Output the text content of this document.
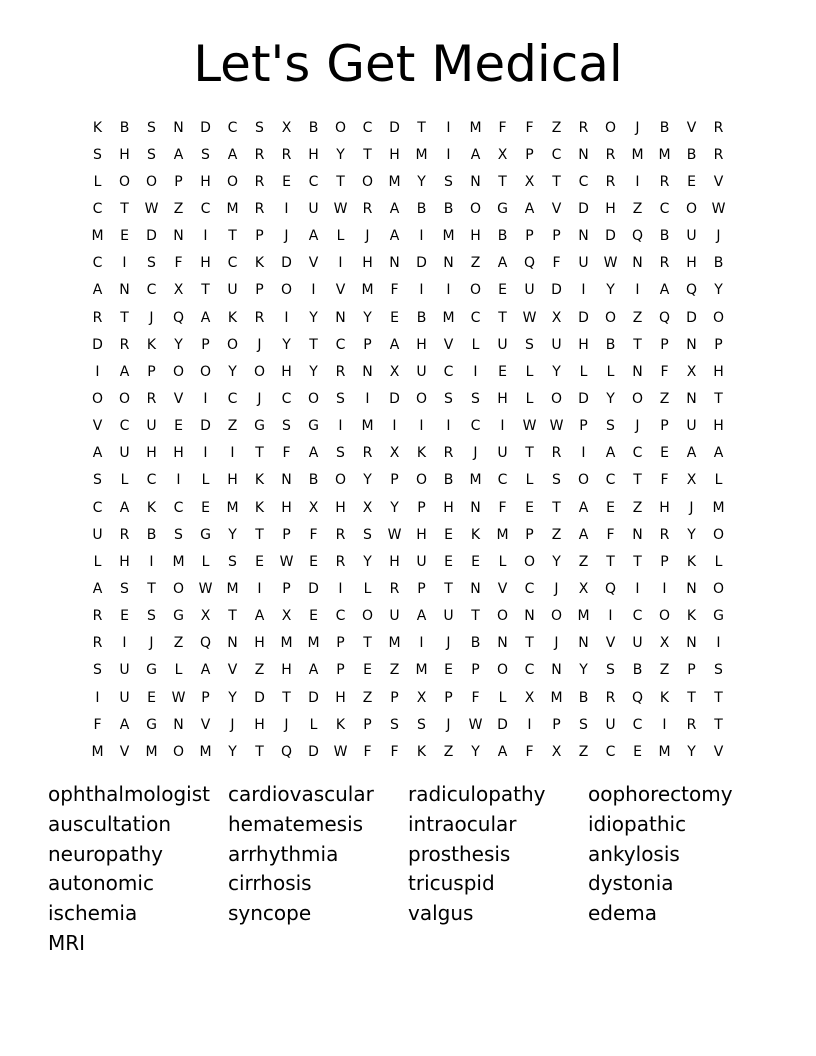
Let's Get Medical
K	B	S	N	D	C	S	X	B	O	C	D	T	I	M	F	F	Z	R	O	J	B	V	R
S	H	S	A	S	A	R	R	H	Y	T	H	M	I	A	X	P	C	N	R	M	M	B	R
L	O	O	P	H	O	R	E	C	T	O	M	Y	S	N	T	X	T	C	R	I	R	E	V
C	T	W	Z	C	M	R	I	U	W	R	A	B	B	O	G	A	V	D	H	Z	C	O	W
M	E	D	N	I	T	P	J	A	L	J	A	I	M	H	B	P	P	N	D	Q	B	U	J
C	I	S	F	H	C	K	D	V	I	H	N	D	N	Z	A	Q	F	U	W	N	R	H	B
A	N	C	X	T	U	P	O	I	V	M	F	I	I	O	E	U	D	I	Y	I	A	Q	Y
R	T	J	Q	A	K	R	I	Y	N	Y	E	B	M	C	T	W	X	D	O	Z	Q	D	O
D	R	K	Y	P	O	J	Y	T	C	P	A	H	V	L	U	S	U	H	B	T	P	N	P
I	A	P	O	O	Y	O	H	Y	R	N	X	U	C	I	E	L	Y	L	L	N	F	X	H
O	O	R	V	I	C	J	C	O	S	I	D	O	S	S	H	L	O	D	Y	O	Z	N	T
V	C	U	E	D	Z	G	S	G	I	M	I	I	I	C	I	W W	P	S	J	P	U	H
A	U	H	H	I	I	T	F	A	S	R	X	K	R	J	U	T	R	I	A	C	E	A	A
S	L	C	I	L	H	K	N	B	O	Y	P	O	B	M	C	L	S	O	C	T	F	X	L
C	A	K	C	E	M	K	H	X	H	X	Y	P	H	N	F	E	T	A	E	Z	H	J	M
U	R	B	S	G	Y	T	P	F	R	S	W	H	E	K	M	P	Z	A	F	N	R	Y	O
L	H	I	M	L	S	E	W	E	R	Y	H	U	E	E	L	O	Y	Z	T	T	P	K	L
A	S	T	O	W	M	I	P	D	I	L	R	P	T	N	V	C	J	X	Q	I	I	N	O
R	E	S	G	X	T	A	X	E	C	O	U	A	U	T	O	N	O	M	I	C	O	K	G
R	I	J	Z	Q	N	H	M	M	P	T	M	I	J	B	N	T	J	N	V	U	X	N	I
S	U	G	L	A	V	Z	H	A	P	E	Z	M	E	P	O	C	N	Y	S	B	Z	P	S
I	U	E	W	P	Y	D	T	D	H	Z	P	X	P	F	L	X	M	B	R	Q	K	T	T
F	A	G	N	V	J	H	J	L	K	P	S	S	J	W	D	I	P	S	U	C	I	R	T
M	V	M	O	M	Y	T	Q	D	W	F	F	K	Z	Y	A	F	X	Z	C	E	M	Y	V
ophthalmologist cardiovascular	radiculopathy	oophorectomy
auscultation	hematemesis	intraocular	idiopathic
neuropathy	arrhythmia	prosthesis	ankylosis
autonomic	cirrhosis	tricuspid	dystonia
ischemia	syncope	valgus	edema
MRI
